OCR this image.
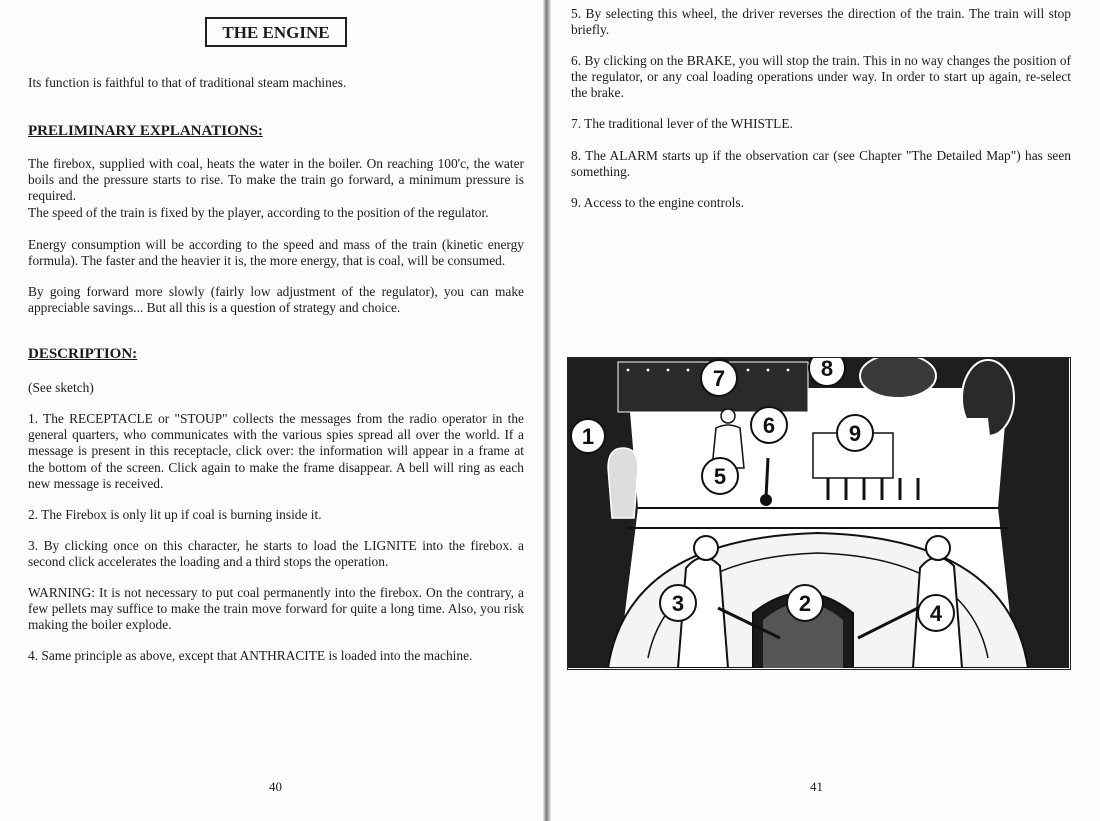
THE ENGINE

Its function is faithful to that of traditional steam machines.

PRELIMINARY EXPLANATIONS:

The firebox, supplied with coal, heats the water in the boiler. On reaching 100'c, the water boils and the pressure starts to rise. To make the train go forward, a minimum pressure is required.

The speed of the train is fixed by the player, according to the position of the regulator.

Energy consumption will be according to the speed and mass of the train (kinetic energy formula). The faster and the heavier it is, the more energy, that is coal, will be consumed.

By going forward more slowly (fairly low adjustment of the regulator), you can make appreciable savings... But all this is a question of strategy and choice.

DESCRIPTION:

(See sketch)

1. The RECEPTACLE or "STOUP" collects the messages from the radio operator in the general quarters, who communicates with the various spies spread all over the world. If a message is present in this receptacle, click over: the information will appear in a frame at the bottom of the screen. Click again to make the frame disappear. A bell will ring as each new message is received.

2. The Firebox is only lit up if coal is burning inside it.

3. By clicking once on this character, he starts to load the LIGNITE into the firebox. a second click accelerates the loading and a third stops the operation.

WARNING: It is not necessary to put coal permanently into the firebox. On the contrary, a few pellets may suffice to make the train move forward for quite a long time. Also, you risk making the boiler explode.

4. Same principle as above, except that ANTHRACITE is loaded into the machine.

40

5. By selecting this wheel, the driver reverses the direction of the train. The train will stop briefly.

6. By clicking on the BRAKE, you will stop the train. This in no way changes the position of the regulator, or any coal loading operations under way. In order to start up again, re-select the brake.

7. The traditional lever of the WHISTLE.

8. The ALARM starts up if the observation car (see Chapter "The Detailed Map") has seen something.

9. Access to the engine controls.

1
2
3	4
5
6
7	8
9
41
